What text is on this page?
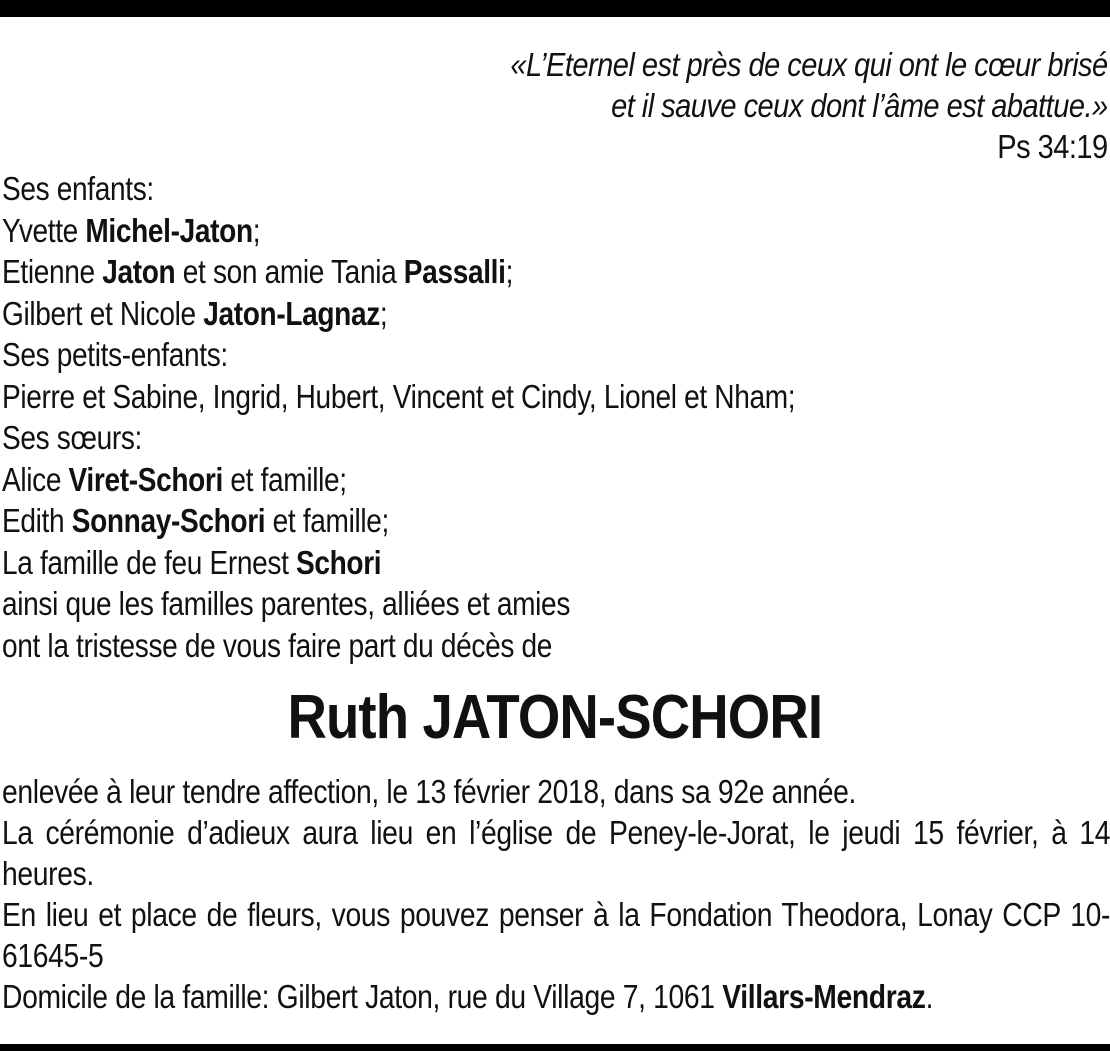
«L’Eternel est près de ceux qui ont le cœur brisé
et il sauve ceux dont l’âme est abattue.»
Ps 34:19
Ses enfants:
Yvette Michel-Jaton;
Etienne Jaton et son amie Tania Passalli;
Gilbert et Nicole Jaton-Lagnaz;
Ses petits-enfants:
Pierre et Sabine, Ingrid, Hubert, Vincent et Cindy, Lionel et Nham;
Ses sœurs:
Alice Viret-Schori et famille;
Edith Sonnay-Schori et famille;
La famille de feu Ernest Schori
ainsi que les familles parentes, alliées et amies
ont la tristesse de vous faire part du décès de
Ruth JATON-SCHORI
enlevée à leur tendre affection, le 13 février 2018, dans sa 92e année.
La cérémonie d’adieux aura lieu en l’église de Peney-le-Jorat, le jeudi 15 février, à 14 heures.
En lieu et place de fleurs, vous pouvez penser à la Fondation Theodora, Lonay CCP 10-61645-5
Domicile de la famille: Gilbert Jaton, rue du Village 7, 1061 Villars-Mendraz.
